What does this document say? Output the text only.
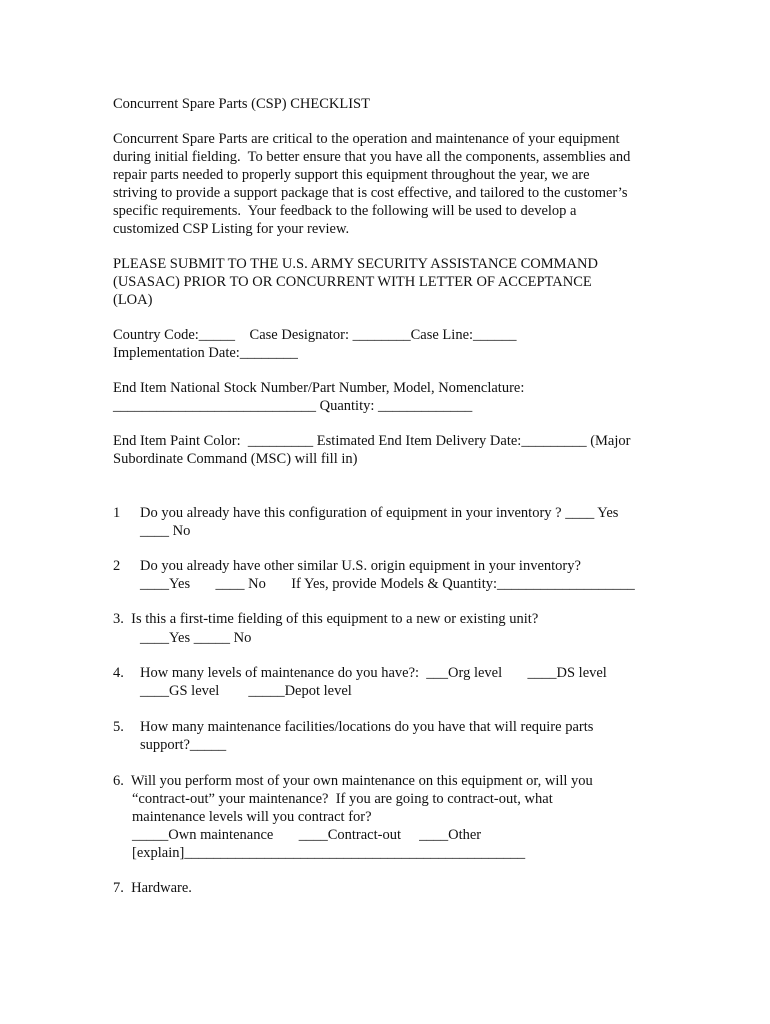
Concurrent Spare Parts (CSP) CHECKLIST
Concurrent Spare Parts are critical to the operation and maintenance of your equipment
during initial fielding.  To better ensure that you have all the components, assemblies and
repair parts needed to properly support this equipment throughout the year, we are
striving to provide a support package that is cost effective, and tailored to the customer’s
specific requirements.  Your feedback to the following will be used to develop a
customized CSP Listing for your review.
PLEASE SUBMIT TO THE U.S. ARMY SECURITY ASSISTANCE COMMAND
(USASAC) PRIOR TO OR CONCURRENT WITH LETTER OF ACCEPTANCE
(LOA)
Country Code:_____    Case Designator: ________Case Line:______
Implementation Date:________
End Item National Stock Number/Part Number, Model, Nomenclature:
____________________________ Quantity: _____________
End Item Paint Color:  _________ Estimated End Item Delivery Date:_________ (Major
Subordinate Command (MSC) will fill in)
1 Do you already have this configuration of equipment in your inventory ? ____ Yes
____ No
2 Do you already have other similar U.S. origin equipment in your inventory?
____Yes       ____ No       If Yes, provide Models & Quantity:___________________
3.  Is this a first-time fielding of this equipment to a new or existing unit?
____Yes _____ No
4. How many levels of maintenance do you have?:  ___Org level       ____DS level
____GS level        _____Depot level
5. How many maintenance facilities/locations do you have that will require parts
support?_____
6.  Will you perform most of your own maintenance on this equipment or, will you
“contract-out” your maintenance?  If you are going to contract-out, what
maintenance levels will you contract for?
_____Own maintenance       ____Contract-out     ____Other
[explain]_______________________________________________
7.  Hardware.
